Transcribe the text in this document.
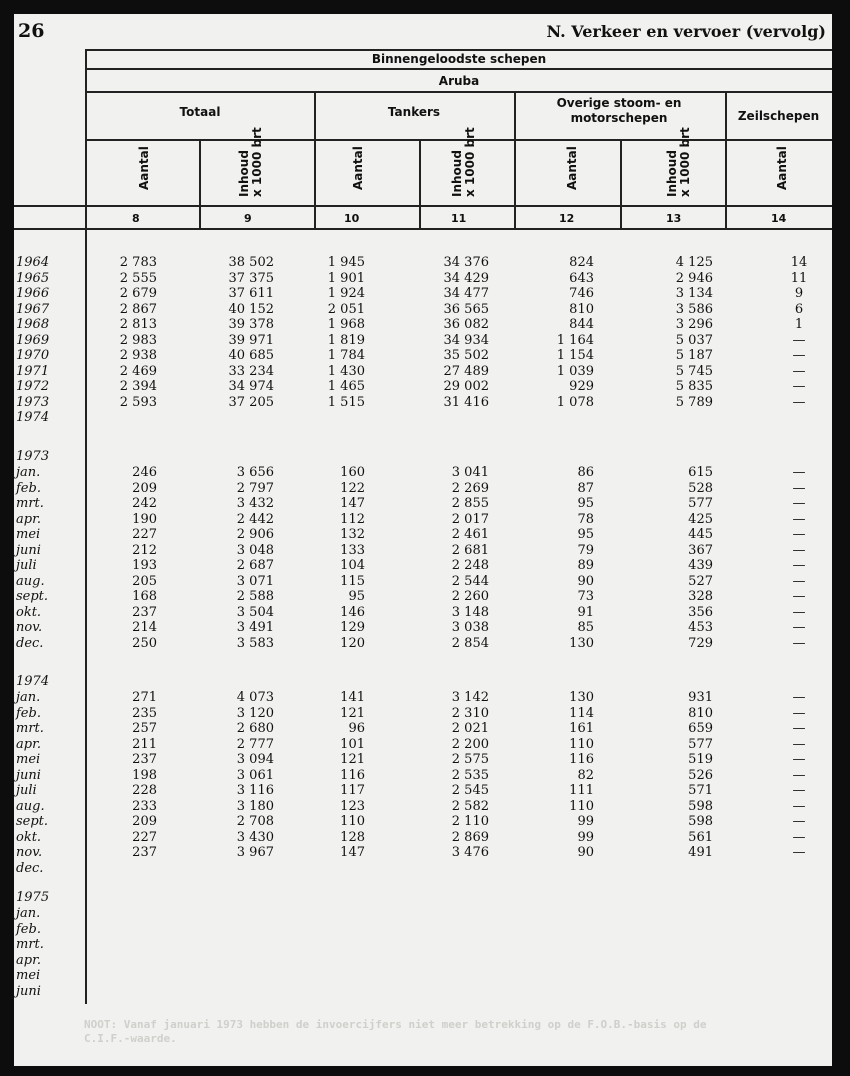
26	N. Verkeer en vervoer (vervolg)
Binnengeloodste schepen
Aruba
Totaal	Tankers
Overige stoom- en motorschepen	Zeilschepen
Aantal	Inhoud
x 1000 brt
Aantal	Inhoud
x 1000 brt
Aantal	Inhoud
x 1000 brt
Aantal
8	9	10	11	12	13	14
1964	2 783	38 502	1 945	34 376	824	4 125	14
1965	2 555	37 375	1 901	34 429	643	2 946	11
1966	2 679	37 611	1 924	34 477	746	3 134	9
1967	2 867	40 152	2 051	36 565	810	3 586	6
1968	2 813	39 378	1 968	36 082	844	3 296	1
1969	2 983	39 971	1 819	34 934	1 164	5 037	—
1970	2 938	40 685	1 784	35 502	1 154	5 187	—
1971	2 469	33 234	1 430	27 489	1 039	5 745	—
1972	2 394	34 974	1 465	29 002	929	5 835	—
1973	2 593	37 205	1 515	31 416	1 078	5 789	—
1974
1973
jan.	246	3 656	160	3 041	86	615	—
feb.	209	2 797	122	2 269	87	528	—
mrt.	242	3 432	147	2 855	95	577	—
apr.	190	2 442	112	2 017	78	425	—
mei	227	2 906	132	2 461	95	445	—
juni	212	3 048	133	2 681	79	367	—
juli	193	2 687	104	2 248	89	439	—
aug.	205	3 071	115	2 544	90	527	—
sept.	168	2 588	95	2 260	73	328	—
okt.	237	3 504	146	3 148	91	356	—
nov.	214	3 491	129	3 038	85	453	—
dec.	250	3 583	120	2 854	130	729	—
1974
jan.	271	4 073	141	3 142	130	931	—
feb.	235	3 120	121	2 310	114	810	—
mrt.	257	2 680	96	2 021	161	659	—
apr.	211	2 777	101	2 200	110	577	—
mei	237	3 094	121	2 575	116	519	—
juni	198	3 061	116	2 535	82	526	—
juli	228	3 116	117	2 545	111	571	—
aug.	233	3 180	123	2 582	110	598	—
sept.	209	2 708	110	2 110	99	598	—
okt.	227	3 430	128	2 869	99	561	—
nov.	237	3 967	147	3 476	90	491	—
dec.
1975
jan.
feb.
mrt.
apr.
mei
juni
NOOT: Vanaf januari 1973 hebben de invoercijfers niet meer betrekking op de F.O.B.-basis op de C.I.F.-waarde.
